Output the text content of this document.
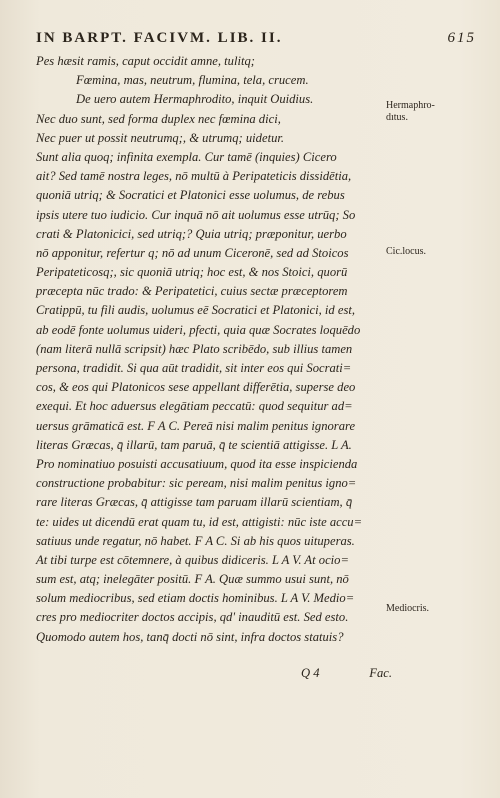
IN BARPT. FACIVM. LIB. II.	615
Pes hæsit ramis, caput occidit amne, tulitq;
Fœmina, mas, neutrum, flumina, tela, crucem.
De uero autem Hermaphrodito, inquit Ouidius.
Nec duo sunt, sed forma duplex nec fœmina dici,
Nec puer ut possit neutrumq;, & utrumq; uidetur.
Sunt alia quoq; infinita exempla. Cur tamē (inquies) Cicero
ait? Sed tamē nostra leges, nō multū à Peripateticis dissidētia,
quoniā utriq; & Socratici et Platonici esse uolumus, de rebus
ipsis utere tuo iudicio. Cur inquā nō ait uolumus esse utrūq; So
crati & Platonicici, sed utriq;? Quia utriq; præponitur, uerbo
nō apponitur, refertur q; nō ad unum Ciceronē, sed ad Stoicos
Peripateticosq;, sic quoniā utriq; hoc est, & nos Stoici, quorū
præcepta nūc trado: & Peripatetici, cuius sectæ præceptorem
Cratippū, tu fili audis, uolumus eē Socratici et Platonici, id est,
ab eodē fonte uolumus uideri, pfecti, quia quæ Socrates loquēdo
(nam literā nullā scripsit) hæc Plato scribēdo, sub illius tamen
persona, tradidit. Si qua aūt tradidit, sit inter eos qui Socrati=
cos, & eos qui Platonicos sese appellant differētia, superse deo
exequi. Et hoc aduersus elegātiam peccatū: quod sequitur ad=
uersus grāmaticā est. F A C. Pereā nisi malim penitus ignorare
literas Græcas, q̄ illarū, tam paruā, q̄ te scientiā attigisse. L A.
Pro nominatiuo posuisti accusatiuum, quod ita esse inspicienda
constructione probabitur: sic peream, nisi malim penitus igno=
rare literas Græcas, q̄ attigisse tam paruam illarū scientiam, q̄
te: uides ut dicendū erat quam tu, id est, attigisti: nūc iste accu=
satiuus unde regatur, nō habet. F A C. Si ab his quos uituperas.
At tibi turpe est cōtemnere, à quibus didiceris. L A V. At ocio=
sum est, atq; inelegāter positū. F A. Quæ summo usui sunt, nō
solum mediocribus, sed etiam doctis hominibus. L A V. Medio=
cres pro mediocriter doctos accipis, qd' inauditū est. Sed esto.
Quomodo autem hos, tanq̄ docti nō sint, infra doctos statuis?
Hermaphro-dıtus.
Cic.locus.
Mediocris.
Q 4	Fac.
